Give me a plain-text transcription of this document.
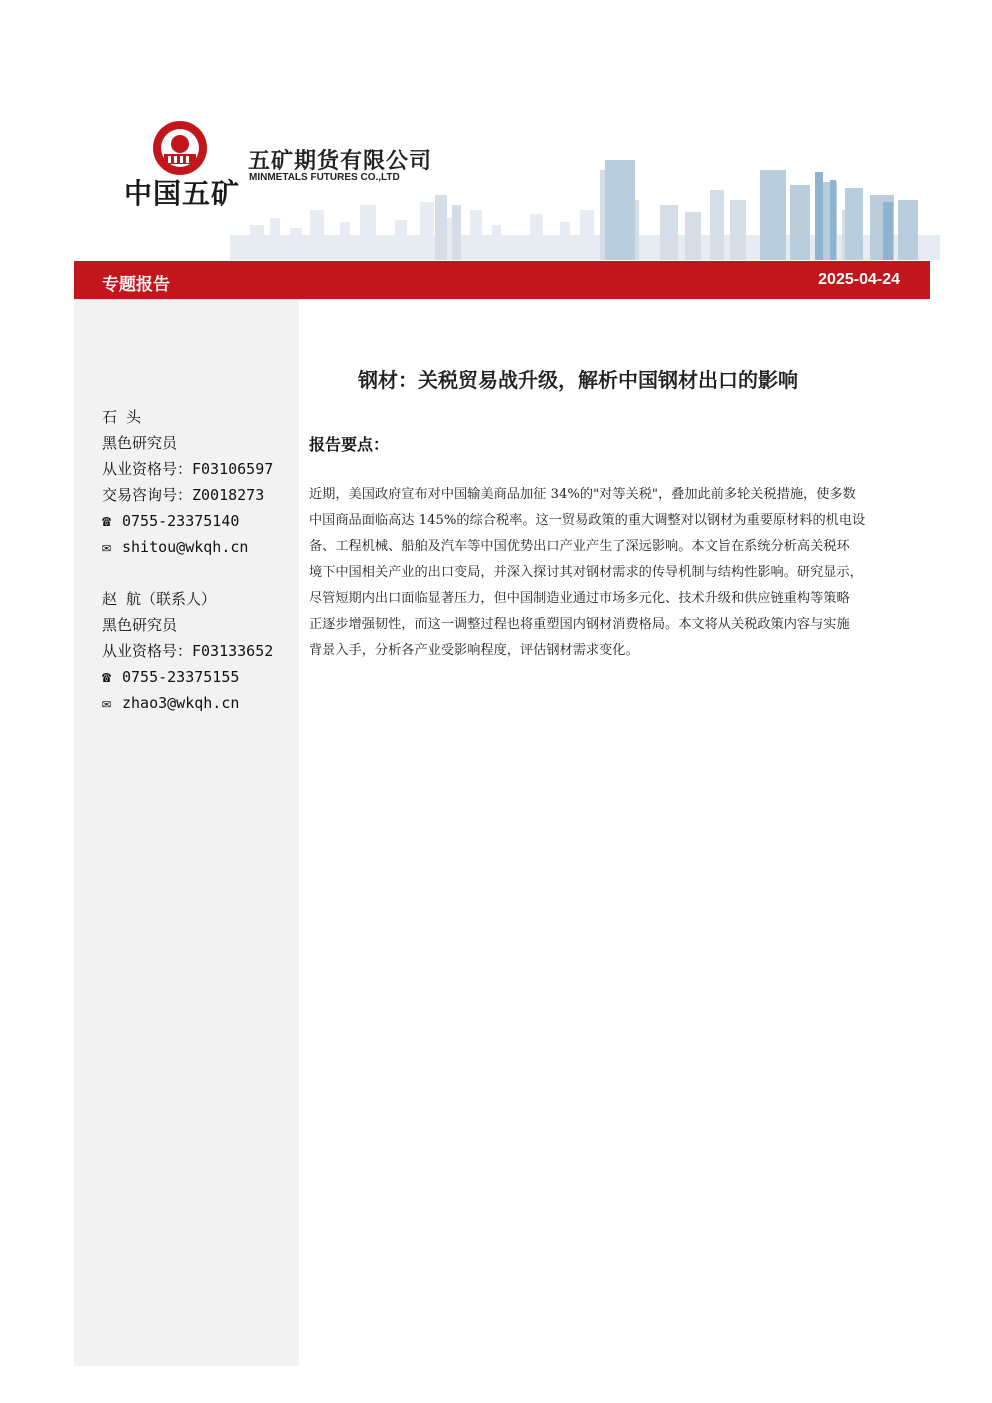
中国五矿
五矿期货有限公司
MINMETALS FUTURES CO.,LTD
专题报告	2025-04-24
石 头
黑色研究员
从业资格号：F03106597
交易咨询号：Z0018273
☎ 0755-23375140
✉ shitou@wkqh.cn
赵 航（联系人）
黑色研究员
从业资格号：F03133652
☎ 0755-23375155
✉ zhao3@wkqh.cn
钢材：关税贸易战升级，解析中国钢材出口的影响
报告要点：
近期，美国政府宣布对中国输美商品加征 34%的"对等关税"，叠加此前多轮关税措施，使多数
中国商品面临高达 145%的综合税率。这一贸易政策的重大调整对以钢材为重要原材料的机电设
备、工程机械、船舶及汽车等中国优势出口产业产生了深远影响。本文旨在系统分析高关税环
境下中国相关产业的出口变局，并深入探讨其对钢材需求的传导机制与结构性影响。研究显示，
尽管短期内出口面临显著压力，但中国制造业通过市场多元化、技术升级和供应链重构等策略
正逐步增强韧性，而这一调整过程也将重塑国内钢材消费格局。本文将从关税政策内容与实施
背景入手，分析各产业受影响程度，评估钢材需求变化。
